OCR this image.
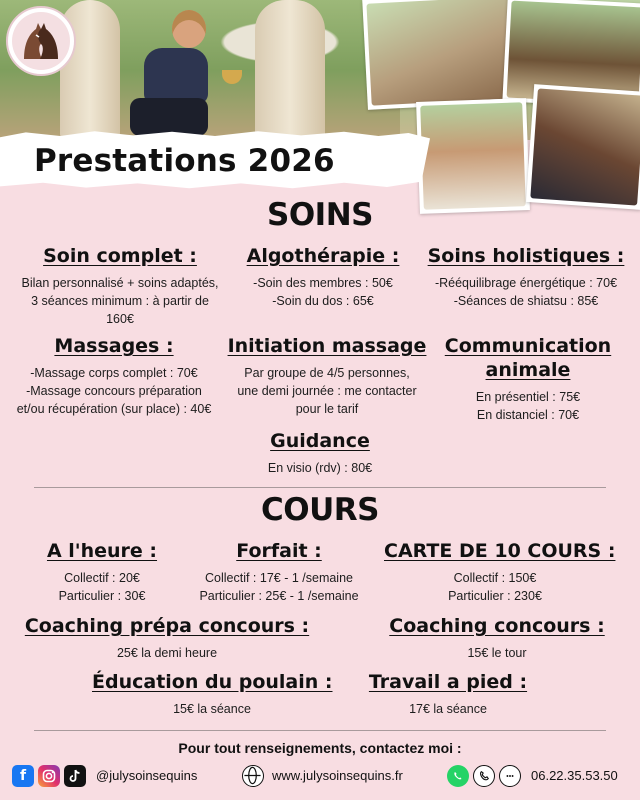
Prestations 2026
SOINS
Soin complet :
Bilan personnalisé + soins adaptés,
3 séances minimum : à partir de
160€
Algothérapie :
-Soin des membres : 50€
-Soin du dos : 65€
Soins holistiques :
-Rééquilibrage énergétique : 70€
-Séances de shiatsu : 85€
Massages :
-Massage corps complet : 70€
-Massage concours préparation
et/ou récupération (sur place) : 40€
Initiation massage
Par groupe de 4/5 personnes,
une demi journée : me contacter
pour le tarif
Communication
animale
En présentiel : 75€
En distanciel : 70€
Guidance
En visio (rdv) : 80€
COURS
A l'heure :
Collectif : 20€
Particulier : 30€
Forfait :
Collectif : 17€ - 1 /semaine
Particulier : 25€ - 1 /semaine
CARTE DE 10 COURS :
Collectif : 150€
Particulier : 230€
Coaching prépa concours :
25€ la demi heure
Coaching concours :
15€ le tour
Éducation du poulain :
15€ la séance
Travail a pied :
17€ la séance
Pour tout renseignements, contactez moi :
f	@julysoinsequins	www.julysoinsequins.fr	06.22.35.53.50
